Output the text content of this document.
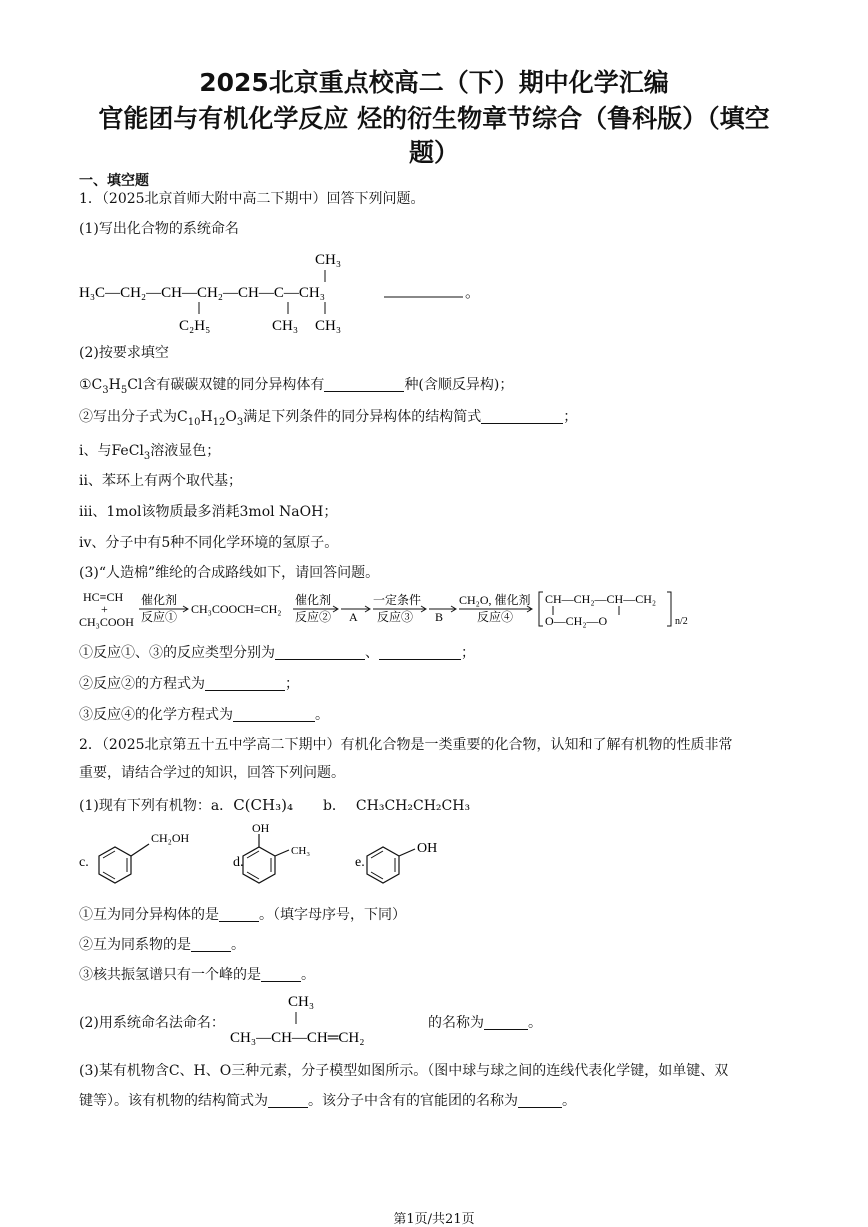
2025北京重点校高二（下）期中化学汇编
官能团与有机化学反应 烃的衍生物章节综合（鲁科版）（填空
题）
一、填空题
1．（2025北京首师大附中高二下期中）回答下列问题。
(1)写出化合物的系统命名
CH₃
H₃C—CH₂—CH—CH₂—CH—C—CH₃
C₂H₅	CH₃ CH₃
。
(2)按要求填空
$①C_3H_5Cl$含有碳碳双键的同分异构体有	种(含顺反异构)；
②写出分子式为$C_{10}H_{12}O_3$满足下列条件的同分异构体的结构简式	；
i、与FeCl$_3$溶液显色；
ii、苯环上有两个取代基；
iii、1mol该物质最多消耗3mol NaOH；
iv、分子中有5种不同化学环境的氢原子。
(3)“人造棉”维纶的合成路线如下，请回答问题。
HC≡CH
+
CH₃COOH
催化剂
反应①
CH₃COOCH=CH₂
催化剂
反应② A
一定条件
反应③ B
CH₂O, 催化剂
反应④
CH—CH₂—CH—CH₂
O—CH₂—O	n/2
①反应①、③的反应类型分别为	、	；
②反应②的方程式为	；
③反应④的化学方程式为	。
2．（2025北京第五十五中学高二下期中）有机化合物是一类重要的化合物，认知和了解有机物的性质非常
重要，请结合学过的知识，回答下列问题。
(1)现有下列有机物：a．C(CH₃)₄ b． CH₃CH₂CH₂CH₃
c.
CH₂OH
d.
OH
CH₃
e.
OH
①互为同分异构体的是	。（填字母序号，下同）
②互为同系物的是	。
③核共振氢谱只有一个峰的是	。
(2)用系统命名法命名：
CH₃
CH₃—CH—CH═CH₂
的名称为	。
(3)某有机物含C、H、O三种元素，分子模型如图所示。（图中球与球之间的连线代表化学键，如单键、双
键等）。该有机物的结构简式为	。该分子中含有的官能团的名称为	。
第1页/共21页
